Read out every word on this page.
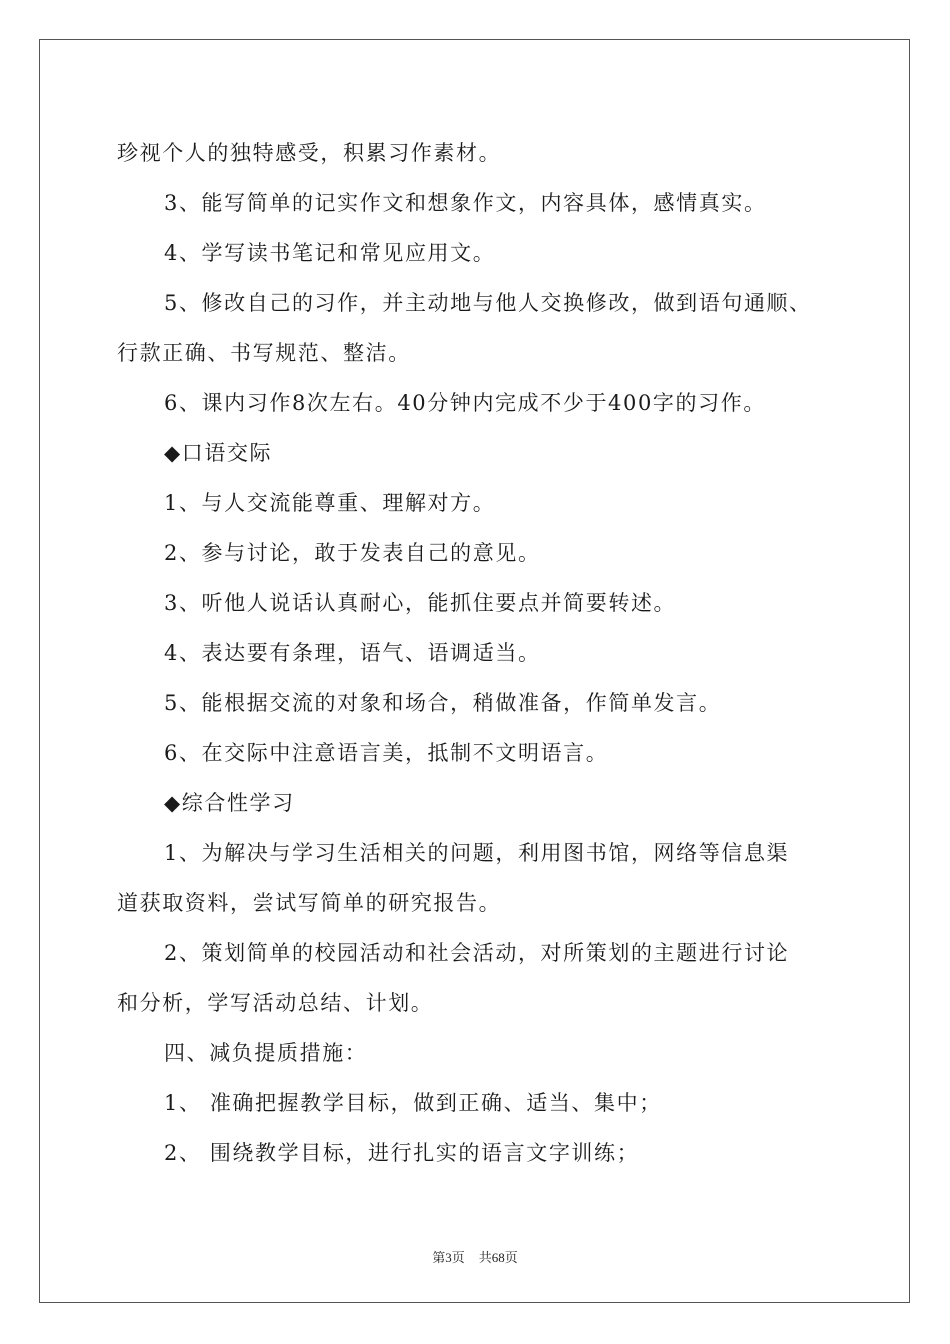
珍视个人的独特感受，积累习作素材。
3、能写简单的记实作文和想象作文，内容具体，感情真实。
4、学写读书笔记和常见应用文。
5、修改自己的习作，并主动地与他人交换修改，做到语句通顺、
行款正确、书写规范、整洁。
6、课内习作8次左右。40分钟内完成不少于400字的习作。
◆口语交际
1、与人交流能尊重、理解对方。
2、参与讨论，敢于发表自己的意见。
3、听他人说话认真耐心，能抓住要点并简要转述。
4、表达要有条理，语气、语调适当。
5、能根据交流的对象和场合，稍做准备，作简单发言。
6、在交际中注意语言美，抵制不文明语言。
◆综合性学习
1、为解决与学习生活相关的问题，利用图书馆，网络等信息渠
道获取资料，尝试写简单的研究报告。
2、策划简单的校园活动和社会活动，对所策划的主题进行讨论
和分析，学写活动总结、计划。
四、减负提质措施：
1、 准确把握教学目标，做到正确、适当、集中；
2、 围绕教学目标，进行扎实的语言文字训练；
第3页 共68页
